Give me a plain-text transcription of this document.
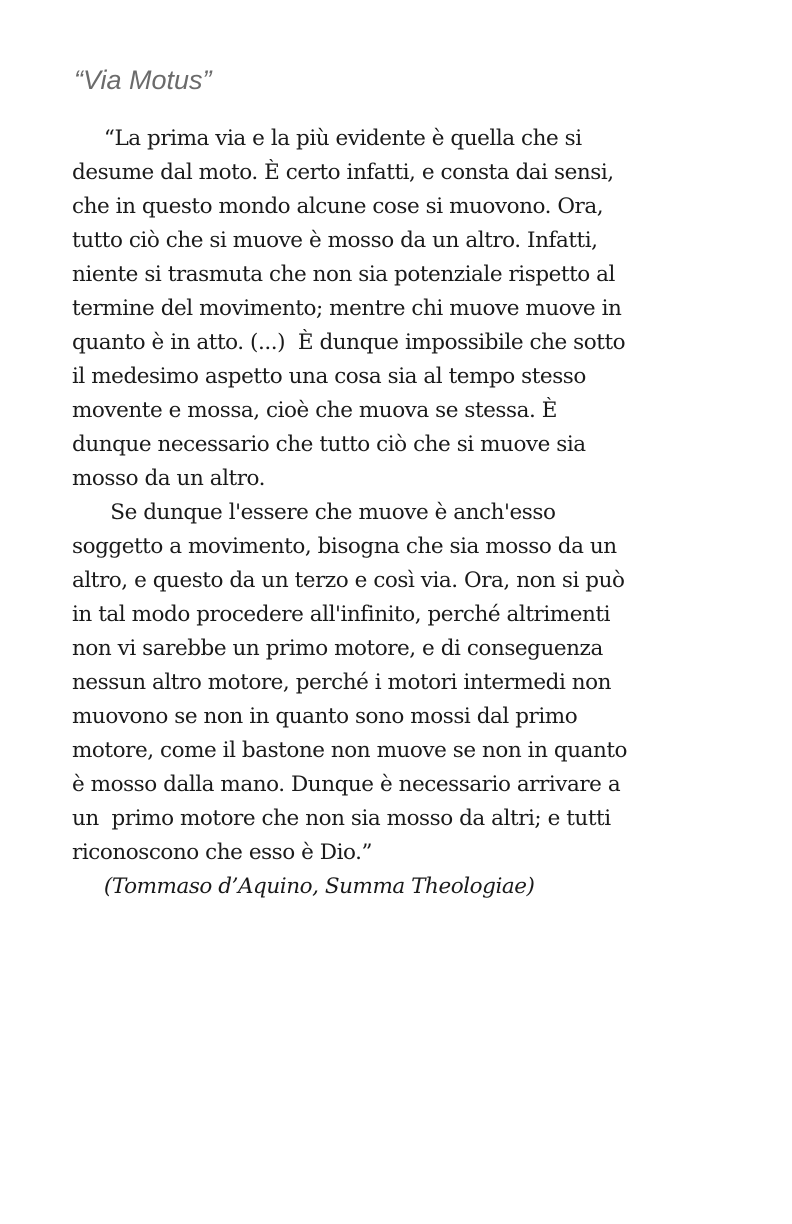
“Via Motus”
“La prima via e la più evidente è quella che si
desume dal moto. È certo infatti, e consta dai sensi,
che in questo mondo alcune cose si muovono. Ora,
tutto ciò che si muove è mosso da un altro. Infatti,
niente si trasmuta che non sia potenziale rispetto al
termine del movimento; mentre chi muove muove in
quanto è in atto. (...)  È dunque impossibile che sotto
il medesimo aspetto una cosa sia al tempo stesso
movente e mossa, cioè che muova se stessa. È
dunque necessario che tutto ciò che si muove sia
mosso da un altro.
Se dunque l'essere che muove è anch'esso
soggetto a movimento, bisogna che sia mosso da un
altro, e questo da un terzo e così via. Ora, non si può
in tal modo procedere all'infinito, perché altrimenti
non vi sarebbe un primo motore, e di conseguenza
nessun altro motore, perché i motori intermedi non
muovono se non in quanto sono mossi dal primo
motore, come il bastone non muove se non in quanto
è mosso dalla mano. Dunque è necessario arrivare a
un  primo motore che non sia mosso da altri; e tutti
riconoscono che esso è Dio.”
(Tommaso d’Aquino, Summa Theologiae)
